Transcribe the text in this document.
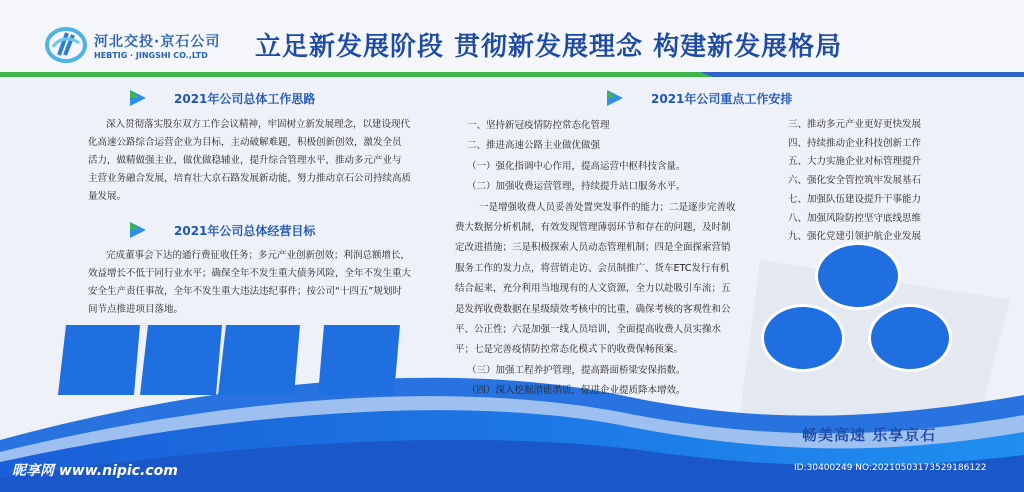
河北交投·京石公司
HEBTIG · JINGSHI CO.,LTD 立足新发展阶段 贯彻新发展理念 构建新发展格局
2021年公司总体工作思路

深入贯彻落实股东双方工作会议精神，牢固树立新发展理念，以建设现代

化高速公路综合运营企业为目标，主动破解难题，积极创新创效，激发全员

活力，做精做强主业，做优做稳辅业，提升综合管理水平，推动多元产业与

主营业务融合发展，培育壮大京石路发展新动能，努力推动京石公司持续高质

量发展。

2021年公司总体经营目标

完成董事会下达的通行费征收任务；多元产业创新创效；利润总额增长，

效益增长不低于同行业水平；确保全年不发生重大债务风险，全年不发生重大

安全生产责任事故，全年不发生重大违法违纪事件；按公司“十四五”规划时

间节点推进项目落地。

2021年公司重点工作安排
一、坚持新冠疫情防控常态化管理
二、推进高速公路主业做优做强
（一）强化指调中心作用，提高运营中枢科技含量。
（二）加强收费运营管理，持续提升站口服务水平。
一是增强收费人员妥善处置突发事件的能力；二是逐步完善收
费大数据分析机制，有效发现管理薄弱环节和存在的问题，及时制
定改进措施；三是积极探索人员动态管理机制；四是全面探索营销
服务工作的发力点，将营销走访、会员制推广、货车ETC发行有机
结合起来，充分利用当地现有的人文资源，全力以赴吸引车流；五
是发挥收费数据在星级绩效考核中的比重，确保考核的客观性和公
平、公正性；六是加强一线人员培训，全面提高收费人员实操水
平；七是完善疫情防控常态化模式下的收费保畅预案。
（三）加强工程养护管理，提高路面桥梁安保指数。
（四）深入挖掘潜能潜质，促进企业提质降本增效。
三、推动多元产业更好更快发展
四、持续推动企业科技创新工作
五、大力实施企业对标管理提升
六、强化安全管控筑牢发展基石
七、加强队伍建设提升干事能力
八、加强风险防控坚守底线思维
九、强化党建引领护航企业发展
畅美高速 乐享京石
昵享网 www.nipic.com	ID:30400249 NO:20210503173529186122
